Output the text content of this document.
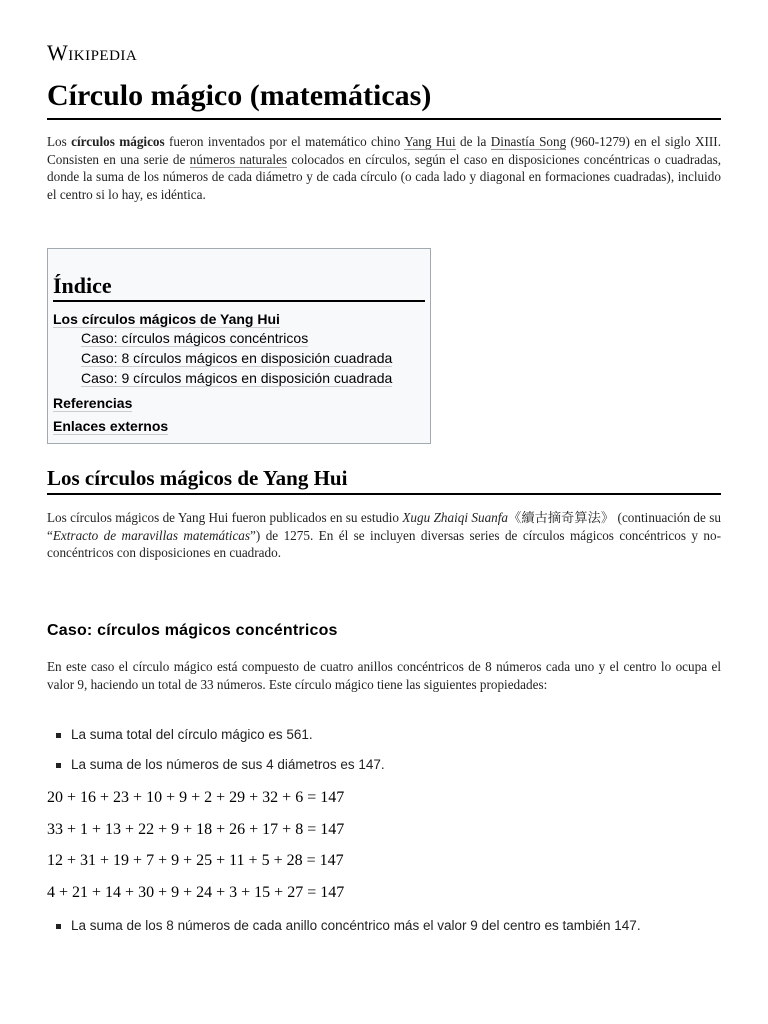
Wikipedia
Círculo mágico (matemáticas)

Los círculos mágicos fueron inventados por el matemático chino Yang Hui de la Dinastía Song (960-1279) en el siglo XIII. Consisten en una serie de números naturales colocados en círculos, según el caso en disposiciones concéntricas o cuadradas, donde la suma de los números de cada diámetro y de cada círculo (o cada lado y diagonal en formaciones cuadradas), incluido el centro si lo hay, es idéntica.

Índice
Los círculos mágicos de Yang Hui
Caso: círculos mágicos concéntricos
Caso: 8 círculos mágicos en disposición cuadrada
Caso: 9 círculos mágicos en disposición cuadrada
Referencias
Enlaces externos
Los círculos mágicos de Yang Hui

Los círculos mágicos de Yang Hui fueron publicados en su estudio Xugu Zhaiqi Suanfa《續古摘奇算法》 (continuación de su “Extracto de maravillas matemáticas”) de 1275. En él se incluyen diversas series de círculos mágicos concéntricos y no-concéntricos con disposiciones en cuadrado.

Caso: círculos mágicos concéntricos

En este caso el círculo mágico está compuesto de cuatro anillos concéntricos de 8 números cada uno y el centro lo ocupa el valor 9, haciendo un total de 33 números. Este círculo mágico tiene las siguientes propiedades:

La suma total del círculo mágico es 561.
La suma de los números de sus 4 diámetros es 147.
20 + 16 + 23 + 10 + 9 + 2 + 29 + 32 + 6 = 147
33 + 1 + 13 + 22 + 9 + 18 + 26 + 17 + 8 = 147
12 + 31 + 19 + 7 + 9 + 25 + 11 + 5 + 28 = 147
4 + 21 + 14 + 30 + 9 + 24 + 3 + 15 + 27 = 147
La suma de los 8 números de cada anillo concéntrico más el valor 9 del centro es también 147.
